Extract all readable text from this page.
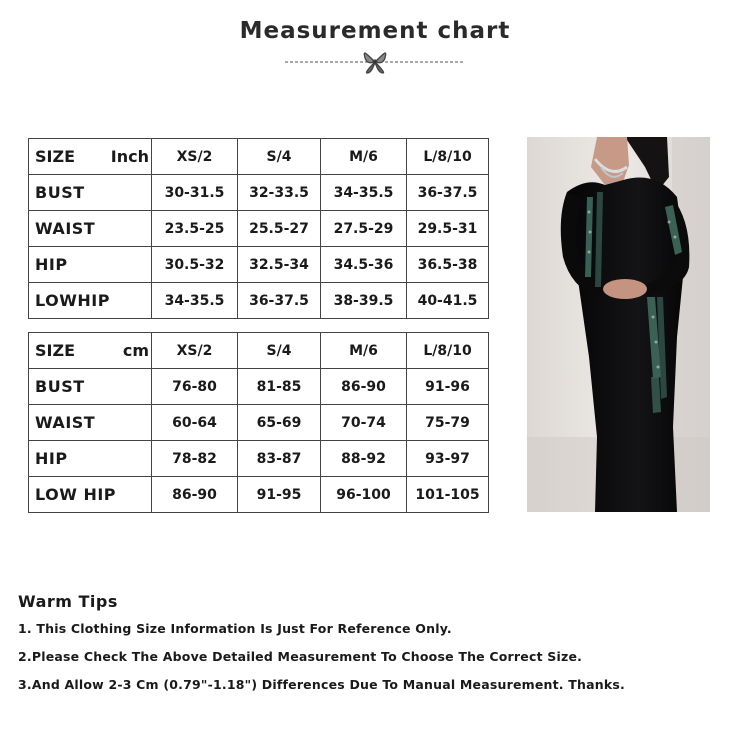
Measurement chart
SIZE Inch	XS/2	S/4	M/6	L/8/10
BUST	30-31.5	32-33.5	34-35.5	36-37.5
WAIST	23.5-25	25.5-27	27.5-29	29.5-31
HIP	30.5-32	32.5-34	34.5-36	36.5-38
LOWHIP	34-35.5	36-37.5	38-39.5	40-41.5
SIZE cm	XS/2	S/4	M/6	L/8/10
BUST	76-80	81-85	86-90	91-96
WAIST	60-64	65-69	70-74	75-79
HIP	78-82	83-87	88-92	93-97
LOW HIP	86-90	91-95	96-100	101-105
Warm Tips
1. This Clothing Size Information Is Just For Reference Only.
2.Please Check The Above Detailed Measurement To Choose The Correct Size.
3.And Allow 2-3 Cm (0.79"-1.18") Differences Due To Manual Measurement. Thanks.
